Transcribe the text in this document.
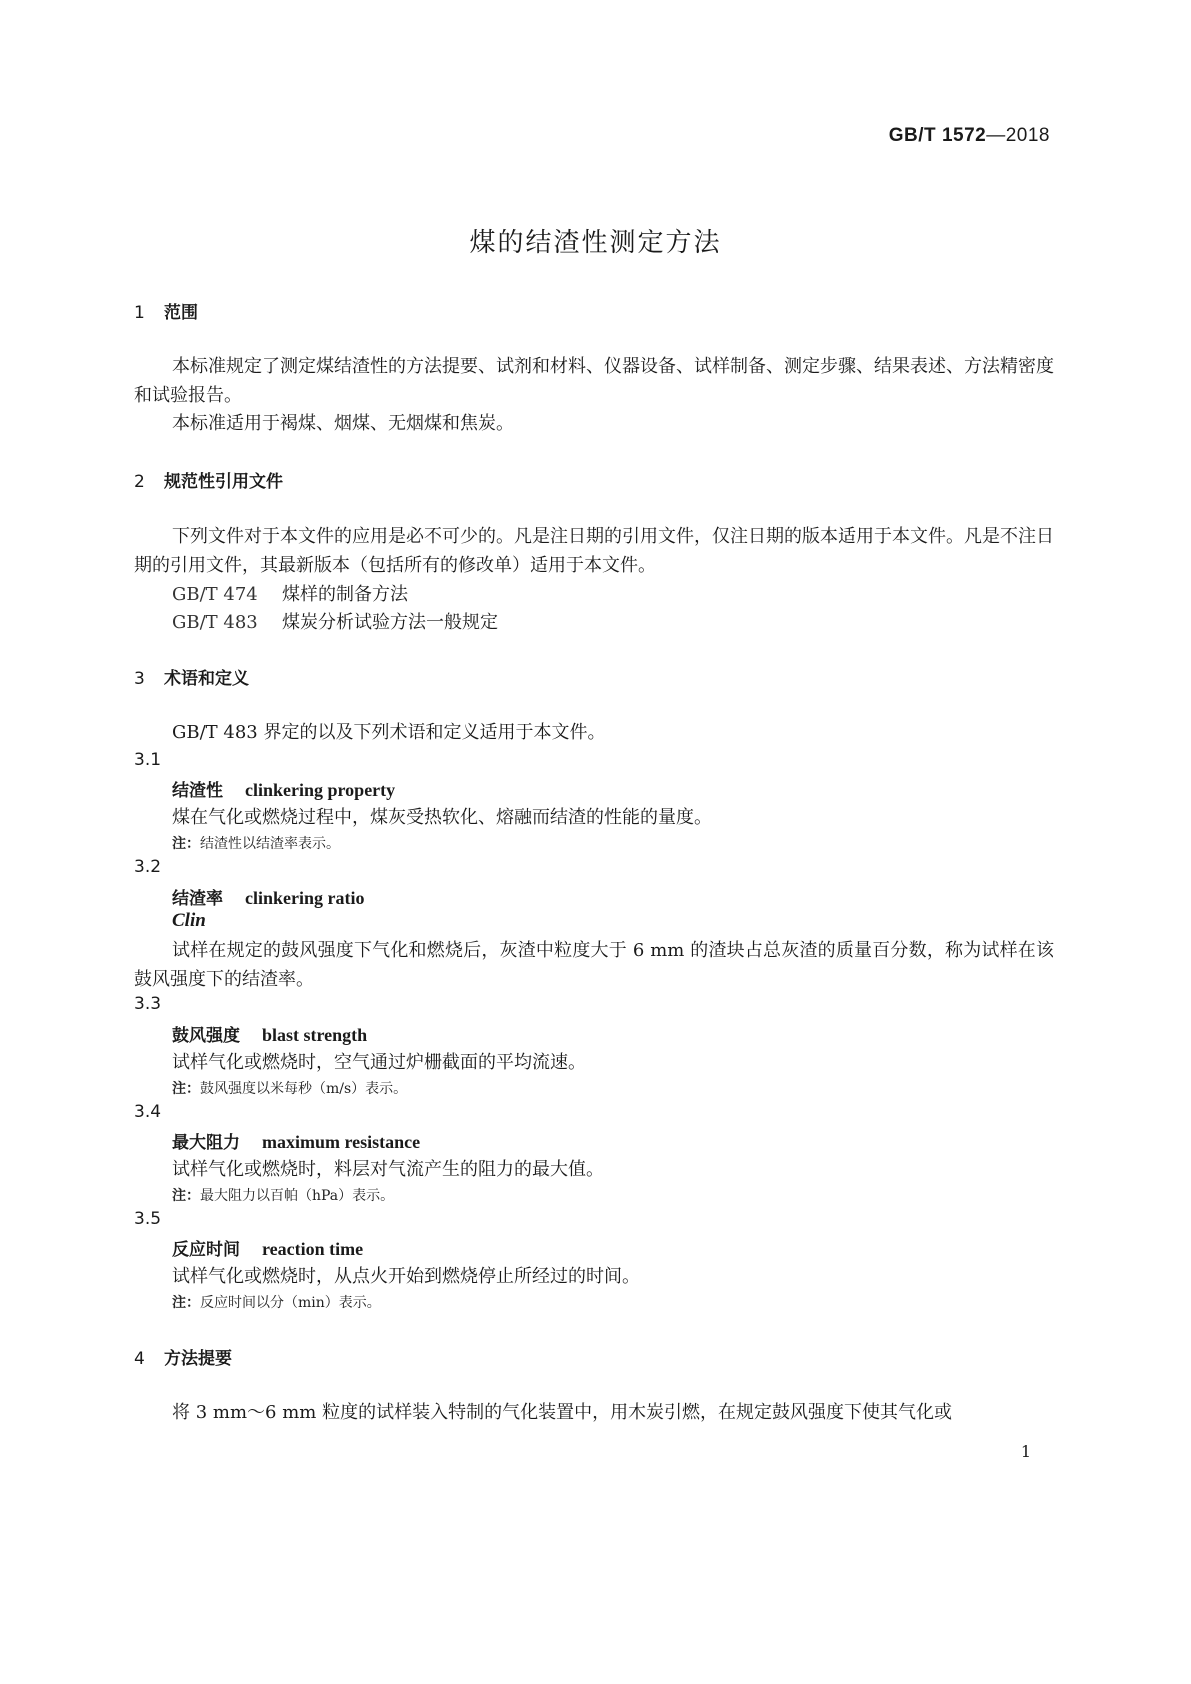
GB/T 1572—2018
煤的结渣性测定方法
1 范围
本标准规定了测定煤结渣性的方法提要、试剂和材料、仪器设备、试样制备、测定步骤、结果表述、方法精密度和试验报告。
本标准适用于褐煤、烟煤、无烟煤和焦炭。
2 规范性引用文件
下列文件对于本文件的应用是必不可少的。凡是注日期的引用文件，仅注日期的版本适用于本文件。凡是不注日期的引用文件，其最新版本（包括所有的修改单）适用于本文件。
GB/T 474 煤样的制备方法
GB/T 483 煤炭分析试验方法一般规定
3 术语和定义
GB/T 483 界定的以及下列术语和定义适用于本文件。
3.1
结渣性 clinkering property
煤在气化或燃烧过程中，煤灰受热软化、熔融而结渣的性能的量度。
注：结渣性以结渣率表示。
3.2
结渣率 clinkering ratio
Clin
试样在规定的鼓风强度下气化和燃烧后，灰渣中粒度大于 6 mm 的渣块占总灰渣的质量百分数，称为试样在该鼓风强度下的结渣率。
3.3
鼓风强度 blast strength
试样气化或燃烧时，空气通过炉栅截面的平均流速。
注：鼓风强度以米每秒（m/s）表示。
3.4
最大阻力 maximum resistance
试样气化或燃烧时，料层对气流产生的阻力的最大值。
注：最大阻力以百帕（hPa）表示。
3.5
反应时间 reaction time
试样气化或燃烧时，从点火开始到燃烧停止所经过的时间。
注：反应时间以分（min）表示。
4 方法提要
将 3 mm～6 mm 粒度的试样装入特制的气化装置中，用木炭引燃，在规定鼓风强度下使其气化或
1
